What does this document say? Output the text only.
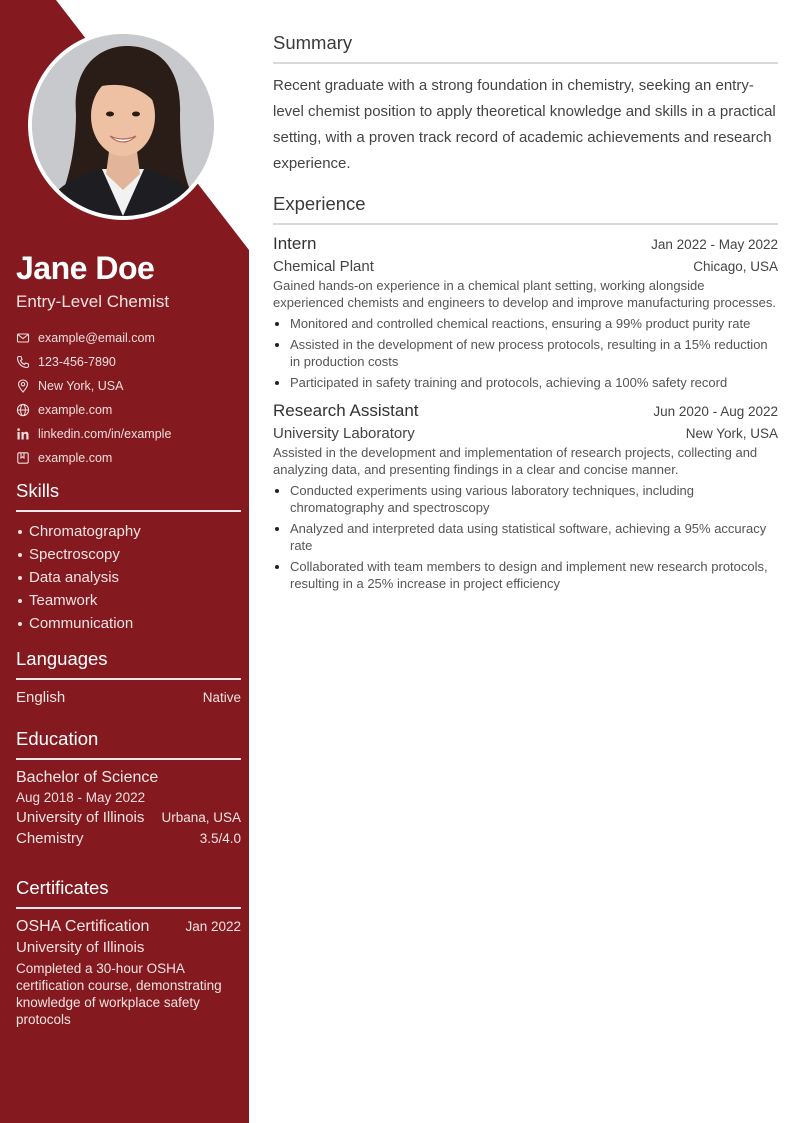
Jane Doe
Entry-Level Chemist
example@email.com
123-456-7890
New York, USA
example.com
linkedin.com/in/example
example.com
Skills
Chromatography
Spectroscopy
Data analysis
Teamwork
Communication
Languages
English	Native
Education
Bachelor of Science
Aug 2018 - May 2022
University of Illinois Urbana, USA
Chemistry	3.5/4.0
Certificates
OSHA Certification	Jan 2022
University of Illinois
Completed a 30-hour OSHA certification course, demonstrating knowledge of workplace safety protocols
Summary
Recent graduate with a strong foundation in chemistry, seeking an entry-level chemist position to apply theoretical knowledge and skills in a practical setting, with a proven track record of academic achievements and research experience.
Experience
Intern	Jan 2022 - May 2022
Chemical Plant	Chicago, USA
Gained hands-on experience in a chemical plant setting, working alongside experienced chemists and engineers to develop and improve manufacturing processes.
Monitored and controlled chemical reactions, ensuring a 99% product purity rate
Assisted in the development of new process protocols, resulting in a 15% reduction in production costs
Participated in safety training and protocols, achieving a 100% safety record
Research Assistant	Jun 2020 - Aug 2022
University Laboratory	New York, USA
Assisted in the development and implementation of research projects, collecting and analyzing data, and presenting findings in a clear and concise manner.
Conducted experiments using various laboratory techniques, including chromatography and spectroscopy
Analyzed and interpreted data using statistical software, achieving a 95% accuracy rate
Collaborated with team members to design and implement new research protocols, resulting in a 25% increase in project efficiency
